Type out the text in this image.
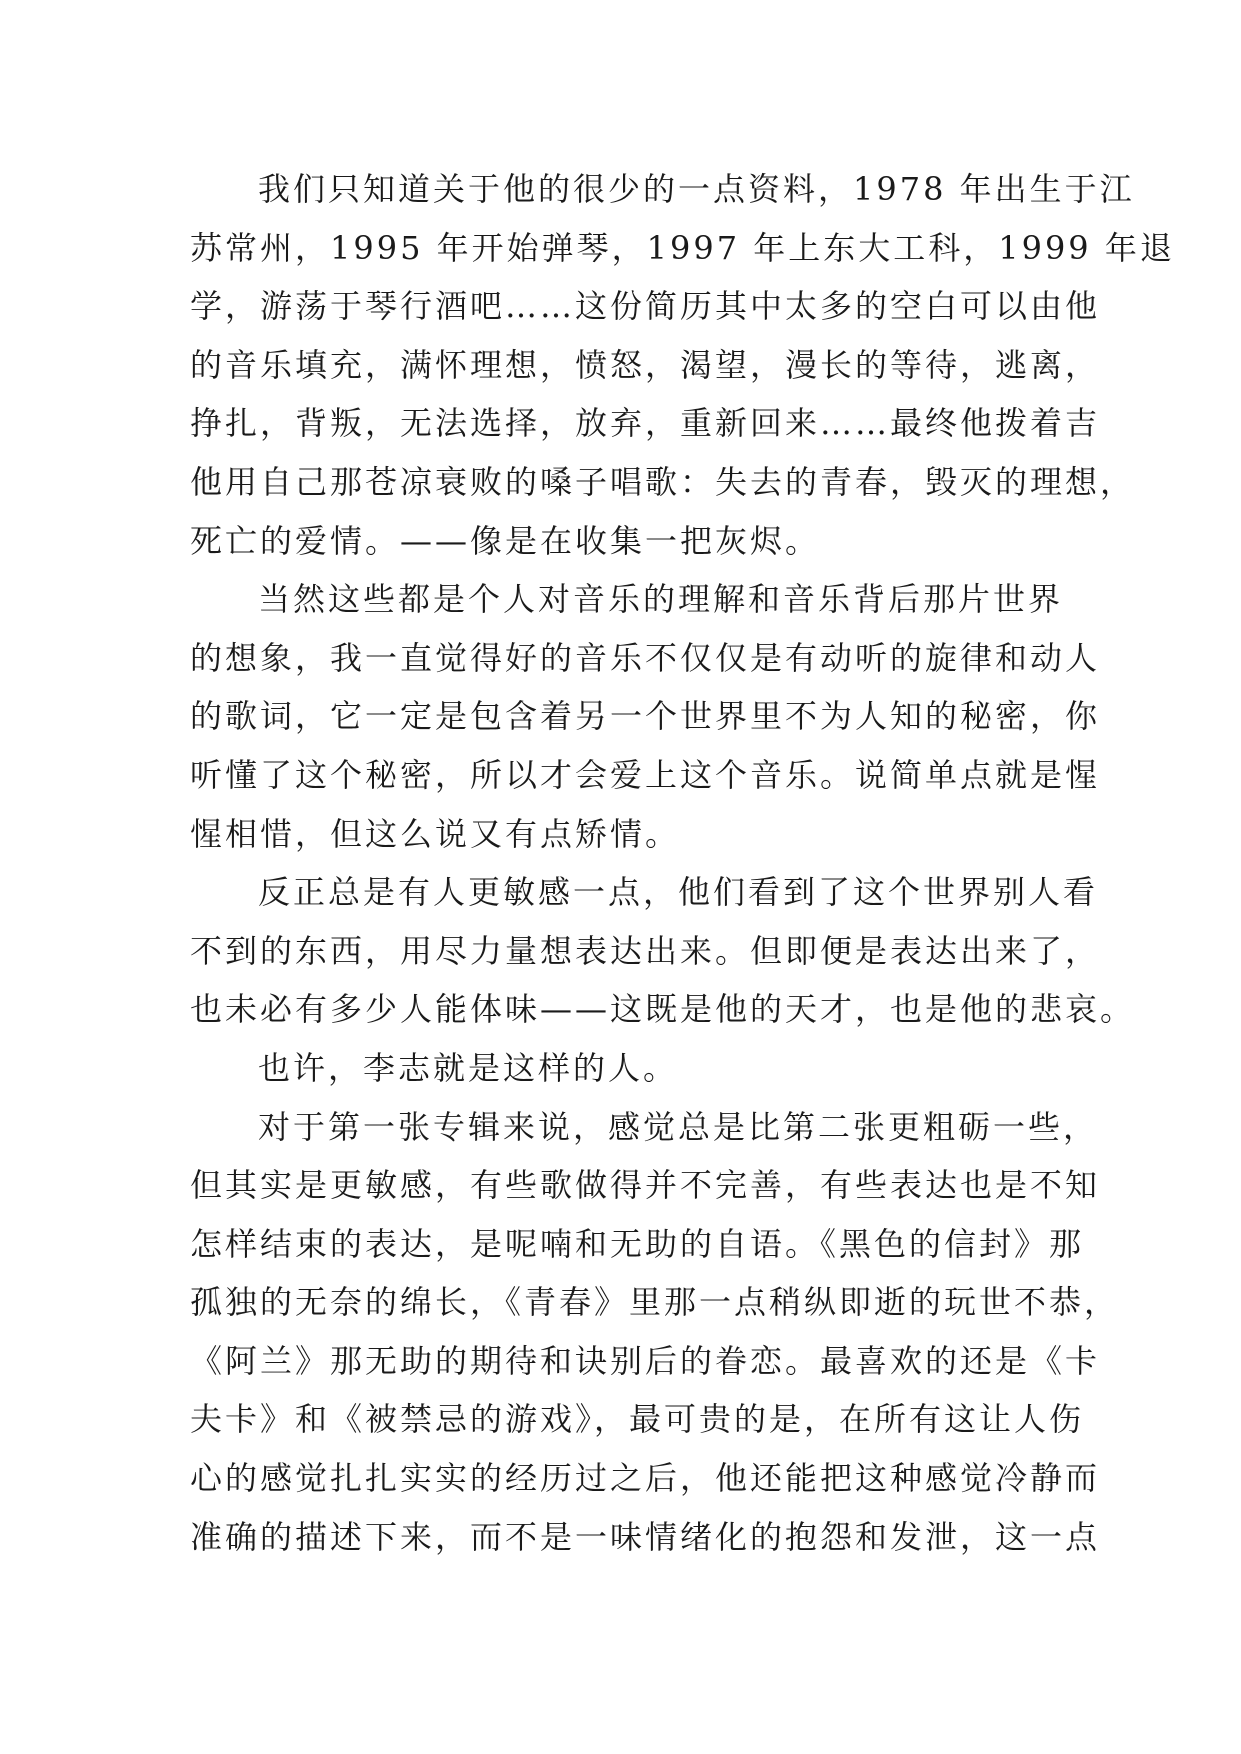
我们只知道关于他的很少的一点资料，1978 年出生于江
苏常州，1995 年开始弹琴，1997 年上东大工科，1999 年退
学，游荡于琴行酒吧……这份简历其中太多的空白可以由他
的音乐填充，满怀理想，愤怒，渴望，漫长的等待，逃离，
挣扎，背叛，无法选择，放弃，重新回来……最终他拨着吉
他用自己那苍凉衰败的嗓子唱歌：失去的青春，毁灭的理想，
死亡的爱情。——像是在收集一把灰烬。
当然这些都是个人对音乐的理解和音乐背后那片世界
的想象，我一直觉得好的音乐不仅仅是有动听的旋律和动人
的歌词，它一定是包含着另一个世界里不为人知的秘密，你
听懂了这个秘密，所以才会爱上这个音乐。说简单点就是惺
惺相惜，但这么说又有点矫情。
反正总是有人更敏感一点，他们看到了这个世界别人看
不到的东西，用尽力量想表达出来。但即便是表达出来了，
也未必有多少人能体味——这既是他的天才，也是他的悲哀。
也许，李志就是这样的人。
对于第一张专辑来说，感觉总是比第二张更粗砺一些，
但其实是更敏感，有些歌做得并不完善，有些表达也是不知
怎样结束的表达，是呢喃和无助的自语。《黑色的信封》那
孤独的无奈的绵长，《青春》里那一点稍纵即逝的玩世不恭，
《阿兰》那无助的期待和诀别后的眷恋。最喜欢的还是《卡
夫卡》和《被禁忌的游戏》，最可贵的是，在所有这让人伤
心的感觉扎扎实实的经历过之后，他还能把这种感觉冷静而
准确的描述下来，而不是一味情绪化的抱怨和发泄，这一点
